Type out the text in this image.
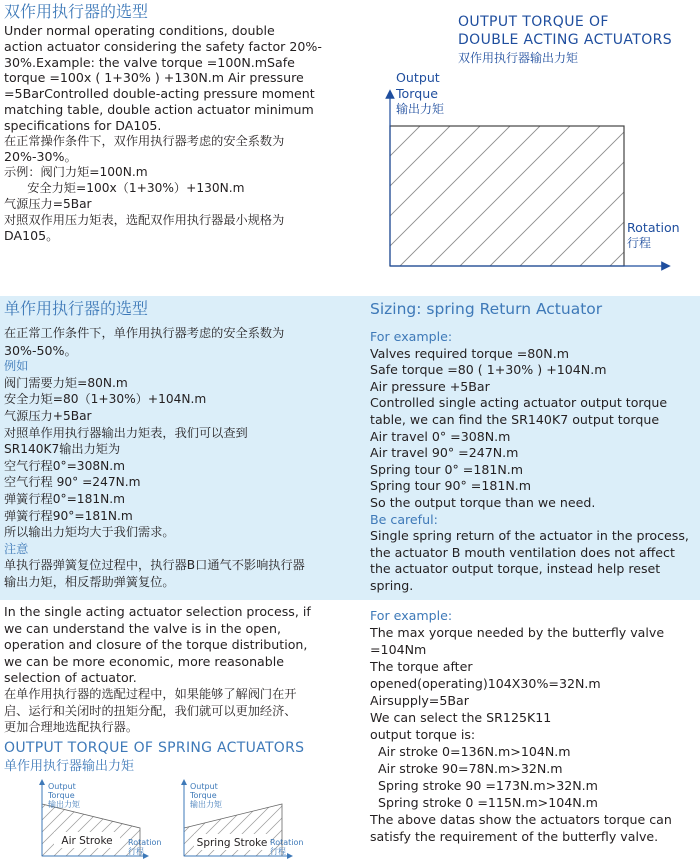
双作用执行器的选型
Under normal operating conditions, double
action actuator considering the safety factor 20%-
30%.Example: the valve torque =100N.mSafe
torque =100x ( 1+30% ) +130N.m Air pressure
=5BarControlled double-acting pressure moment
matching table, double action actuator minimum
specifications for DA105.
在正常操作条件下，双作用执行器考虑的安全系数为
20%-30%。
示例：阀门力矩=100N.m
安全力矩=100x（1+30%）+130N.m
气源压力=5Bar
对照双作用压力矩表，选配双作用执行器最小规格为
DA105。
OUTPUT TORQUE OF
DOUBLE ACTING ACTUATORS
双作用执行器输出力矩
Output
Torque
输出力矩
Rotation
行程
单作用执行器的选型
在正常工作条件下，单作用执行器考虑的安全系数为
30%-50%。
例如
阀门需要力矩=80N.m
安全力矩=80（1+30%）+104N.m
气源压力+5Bar
对照单作用执行器输出力矩表，我们可以查到
SR140K7输出力矩为
空气行程0°=308N.m
空气行程 90° =247N.m
弹簧行程0°=181N.m
弹簧行程90°=181N.m
所以输出力矩均大于我们需求。
注意
单执行器弹簧复位过程中，执行器B口通气不影响执行器
输出力矩，相反帮助弹簧复位。
Sizing: spring Return Actuator
For example:
Valves required torque =80N.m
Safe torque =80 ( 1+30% ) +104N.m
Air pressure +5Bar
Controlled single acting actuator output torque
table, we can find the SR140K7 output torque
Air travel 0° =308N.m
Air travel 90° =247N.m
Spring tour 0° =181N.m
Spring tour 90° =181N.m
So the output torque than we need.
Be careful:
Single spring return of the actuator in the process,
the actuator B mouth ventilation does not affect
the actuator output torque, instead help reset
spring.
In the single acting actuator selection process, if
we can understand the valve is in the open,
operation and closure of the torque distribution,
we can be more economic, more reasonable
selection of actuator.
在单作用执行器的选配过程中，如果能够了解阀门在开
启、运行和关闭时的扭矩分配，我们就可以更加经济、
更加合理地选配执行器。
OUTPUT TORQUE OF SPRING ACTUATORS
单作用执行器输出力矩
Air Stroke
Output
Torque
输出力矩
Rotation
行程
Spring Stroke
Output
Torque
输出力矩
Rotation
行程
For example:
The max yorque needed by the butterfly valve
=104Nm
The torque after
opened(operating)104X30%=32N.m
Airsupply=5Bar
We can select the SR125K11
output torque is:
Air stroke 0=136N.m>104N.m
Air stroke 90=78N.m>32N.m
Spring stroke 90 =173N.m>32N.m
Spring stroke 0 =115N.m>104N.m
The above datas show the actuators torque can
satisfy the requirement of the butterfly valve.
